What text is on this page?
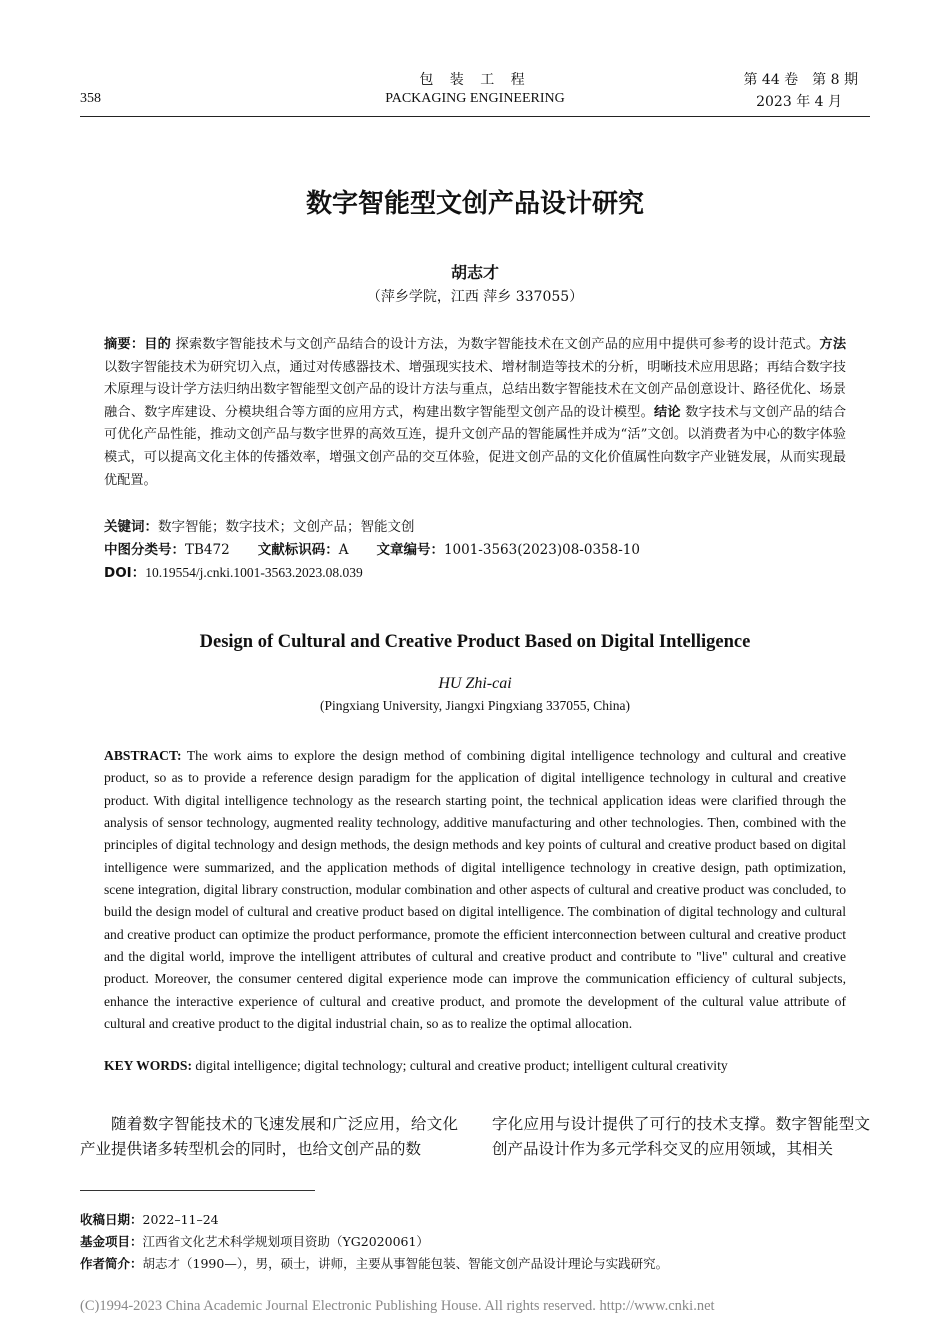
包 装 工 程
PACKAGING ENGINEERING
358
第 44 卷　第 8 期
2023 年 4 月
数字智能型文创产品设计研究
胡志才
（萍乡学院，江西 萍乡 337055）
摘要：目的 探索数字智能技术与文创产品结合的设计方法，为数字智能技术在文创产品的应用中提供可参考的设计范式。方法 以数字智能技术为研究切入点，通过对传感器技术、增强现实技术、增材制造等技术的分析，明晰技术应用思路；再结合数字技术原理与设计学方法归纳出数字智能型文创产品的设计方法与重点，总结出数字智能技术在文创产品创意设计、路径优化、场景融合、数字库建设、分模块组合等方面的应用方式，构建出数字智能型文创产品的设计模型。结论 数字技术与文创产品的结合可优化产品性能，推动文创产品与数字世界的高效互连，提升文创产品的智能属性并成为“活”文创。以消费者为中心的数字体验模式，可以提高文化主体的传播效率，增强文创产品的交互体验，促进文创产品的文化价值属性向数字产业链发展，从而实现最优配置。
关键词：数字智能；数字技术；文创产品；智能文创
中图分类号：TB472 文献标识码：A 文章编号：1001-3563(2023)08-0358-10
DOI：10.19554/j.cnki.1001-3563.2023.08.039
Design of Cultural and Creative Product Based on Digital Intelligence
HU Zhi-cai
(Pingxiang University, Jiangxi Pingxiang 337055, China)
ABSTRACT: The work aims to explore the design method of combining digital intelligence technology and cultural and creative product, so as to provide a reference design paradigm for the application of digital intelligence technology in cultural and creative product. With digital intelligence technology as the research starting point, the technical application ideas were clarified through the analysis of sensor technology, augmented reality technology, additive manufacturing and other technologies. Then, combined with the principles of digital technology and design methods, the design methods and key points of cultural and creative product based on digital intelligence were summarized, and the application methods of digital intelligence technology in creative design, path optimization, scene integration, digital library construction, modular combination and other aspects of cultural and creative product was concluded, to build the design model of cultural and creative product based on digital intelligence. The combination of digital technology and cultural and creative product can optimize the product performance, promote the efficient interconnection between cultural and creative product and the digital world, improve the intelligent attributes of cultural and creative product and contribute to "live" cultural and creative product. Moreover, the consumer centered digital experience mode can improve the communication efficiency of cultural subjects, enhance the interactive experience of cultural and creative product, and promote the development of the cultural value attribute of cultural and creative product to the digital industrial chain, so as to realize the optimal allocation.
KEY WORDS: digital intelligence; digital technology; cultural and creative product; intelligent cultural creativity
随着数字智能技术的飞速发展和广泛应用，给文化产业提供诸多转型机会的同时，也给文创产品的数
字化应用与设计提供了可行的技术支撑。数字智能型文创产品设计作为多元学科交叉的应用领域，其相关
收稿日期：2022–11–24
基金项目：江西省文化艺术科学规划项目资助（YG2020061）
作者简介：胡志才（1990—），男，硕士，讲师，主要从事智能包装、智能文创产品设计理论与实践研究。
(C)1994-2023 China Academic Journal Electronic Publishing House. All rights reserved. http://www.cnki.net
